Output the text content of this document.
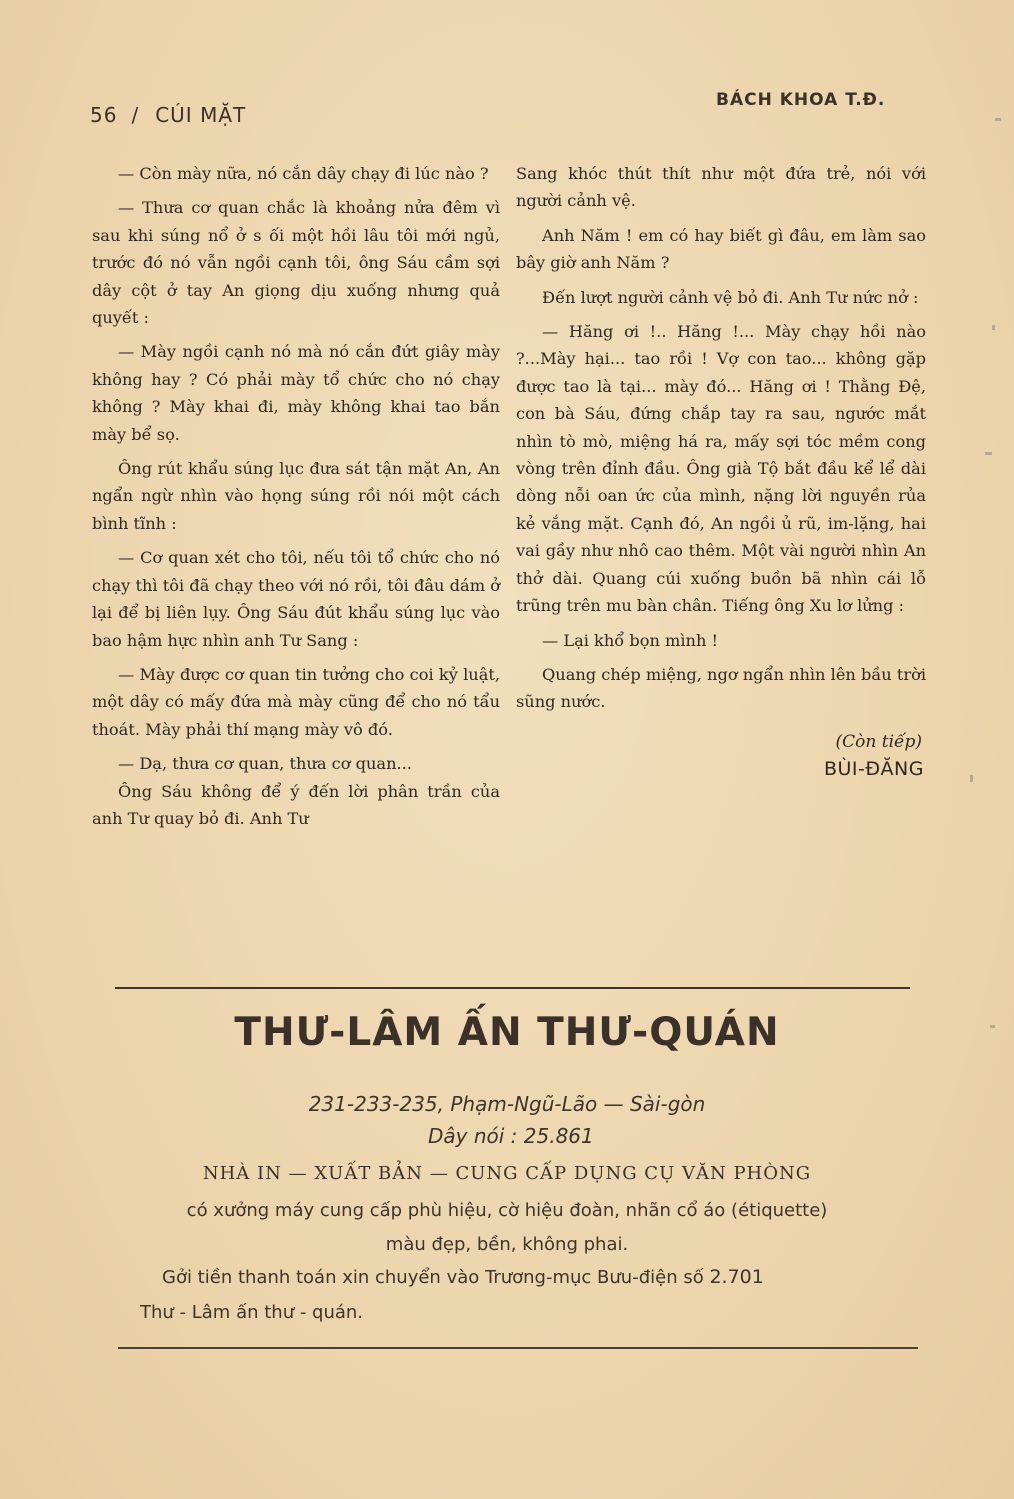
56 / CÚI MẶT
BÁCH KHOA T.Đ.

— Còn mày nữa, nó cắn dây chạy đi lúc nào ?

— Thưa cơ quan chắc là khoảng nửa đêm vì sau khi súng nổ ở s ối một hồi lâu tôi mới ngủ, trước đó nó vẫn ngồi cạnh tôi, ông Sáu cầm sợi dây cột ở tay An giọng dịu xuống nhưng quả quyết :

— Mày ngồi cạnh nó mà nó cắn đứt giây mày không hay ? Có phải mày tổ chức cho nó chạy không ? Mày khai đi, mày không khai tao bắn mày bể sọ.

Ông rút khẩu súng lục đưa sát tận mặt An, An ngẩn ngừ nhìn vào họng súng rồi nói một cách bình tĩnh :

— Cơ quan xét cho tôi, nếu tôi tổ chức cho nó chạy thì tôi đã chạy theo với nó rồi, tôi đâu dám ở lại để bị liên lụy. Ông Sáu đút khẩu súng lục vào bao hậm hực nhìn anh Tư Sang :

— Mày được cơ quan tin tưởng cho coi kỷ luật, một dây có mấy đứa mà mày cũng để cho nó tẩu thoát. Mày phải thí mạng mày vô đó.

— Dạ, thưa cơ quan, thưa cơ quan...

Ông Sáu không để ý đến lời phân trần của anh Tư quay bỏ đi. Anh Tư

Sang khóc thút thít như một đứa trẻ, nói với người cảnh vệ.

Anh Năm ! em có hay biết gì đâu, em làm sao bây giờ anh Năm ?

Đến lượt người cảnh vệ bỏ đi. Anh Tư nức nở :

— Hăng ơi !.. Hăng !... Mày chạy hồi nào ?...Mày hại... tao rồi ! Vợ con tao... không gặp được tao là tại... mày đó... Hăng ơi ! Thằng Đệ, con bà Sáu, đứng chắp tay ra sau, ngước mắt nhìn tò mò, miệng há ra, mấy sợi tóc mềm cong vòng trên đỉnh đầu. Ông già Tộ bắt đầu kể lể dài dòng nỗi oan ức của mình, nặng lời nguyền rủa kẻ vắng mặt. Cạnh đó, An ngồi ủ rũ, im-lặng, hai vai gầy như nhô cao thêm. Một vài người nhìn An thở dài. Quang cúi xuống buồn bã nhìn cái lỗ trũng trên mu bàn chân. Tiếng ông Xu lơ lửng :

— Lại khổ bọn mình !

Quang chép miệng, ngơ ngẩn nhìn lên bầu trời sũng nước.

(Còn tiếp)
BÙI-ĐĂNG
THƯ-LÂM ẤN THƯ-QUÁN
231-233-235, Phạm-Ngũ-Lão — Sài-gòn
Dây nói : 25.861
NHÀ IN — XUẤT BẢN — CUNG CẤP DỤNG CỤ VĂN PHÒNG
có xưởng máy cung cấp phù hiệu, cờ hiệu đoàn, nhãn cổ áo (étiquette)
màu đẹp, bền, không phai.
Gởi tiền thanh toán xin chuyển vào Trương-mục Bưu-điện số 2.701
Thư - Lâm ấn thư - quán.
